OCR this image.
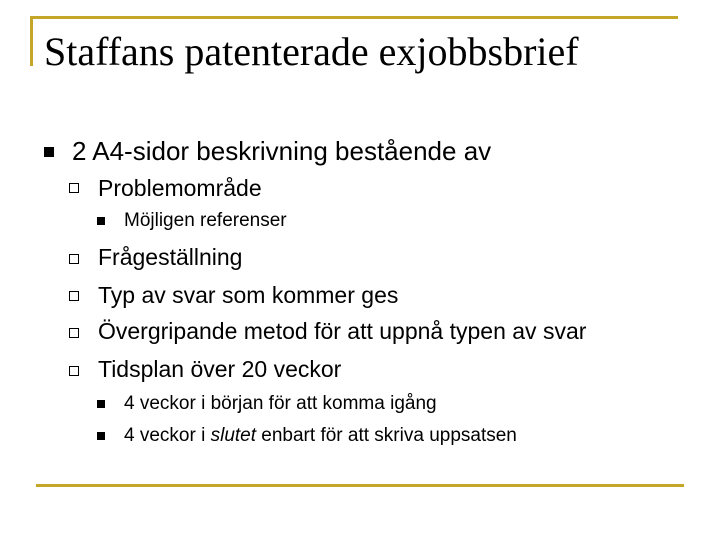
Staffans patenterade exjobbsbrief
2 A4-sidor beskrivning bestående av
Problemområde
Möjligen referenser
Frågeställning
Typ av svar som kommer ges
Övergripande metod för att uppnå typen av svar
Tidsplan över 20 veckor
4 veckor i början för att komma igång
4 veckor i slutet enbart för att skriva uppsatsen
